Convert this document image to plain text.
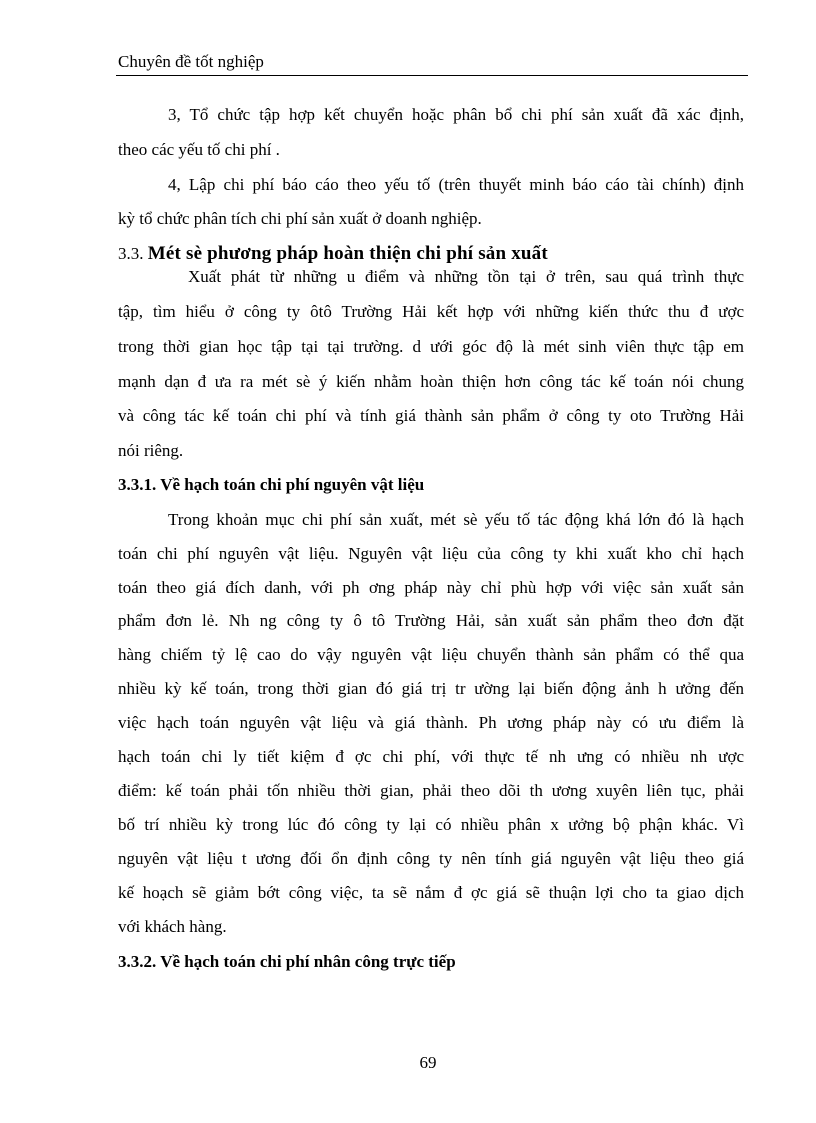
Chuyên đề tốt nghiệp
3, Tổ chức tập hợp kết chuyển hoặc phân bổ chi phí sản xuất đã xác định,
theo các yếu tố chi phí .
4, Lập chi phí báo cáo theo yếu tố (trên thuyết minh báo cáo tài chính) định
kỳ tổ chức phân tích chi phí sản xuất ở doanh nghiệp.
3.3. Mét sè phương pháp hoàn thiện chi phí sản xuất
Xuất phát từ những u điểm và những tồn tại ở trên, sau quá trình thực
tập, tìm hiểu ở công ty ôtô Trường Hải kết hợp với những kiến thức thu đ ược
trong thời gian học tập tại tại trường. d ưới góc độ là mét sinh viên thực tập em
mạnh dạn đ ưa ra mét sè ý kiến nhằm hoàn thiện hơn công tác kế toán nói chung
và công tác kế toán chi phí và tính giá thành sản phẩm ở công ty oto Trường Hải
nói riêng.
3.3.1. Về hạch toán chi phí nguyên vật liệu
Trong khoản mục chi phí sản xuất, mét sè yếu tố tác động khá lớn đó là hạch
toán chi phí nguyên vật liệu. Nguyên vật liệu của công ty khi xuất kho chỉ hạch
toán theo giá đích danh, với ph ơng pháp này chỉ phù hợp với việc sản xuất sản
phẩm đơn lẻ. Nh ng công ty ô tô Trường Hải, sản xuất sản phẩm theo đơn đặt
hàng chiếm tỷ lệ cao do vậy nguyên vật liệu chuyển thành sản phẩm có thể qua
nhiều kỳ kế toán, trong thời gian đó giá trị tr ường lại biến động ảnh h ưởng đến
việc hạch toán nguyên vật liệu và giá thành. Ph ương pháp này có ưu điểm là
hạch toán chi ly tiết kiệm đ ợc chi phí, với thực tế nh ưng có nhiều nh ược
điểm: kế toán phải tốn nhiều thời gian, phải theo dõi th ương xuyên liên tục, phải
bố trí nhiều kỳ trong lúc đó công ty lại có nhiều phân x ưởng bộ phận khác. Vì
nguyên vật liệu t ương đối ổn định công ty nên tính giá nguyên vật liệu theo giá
kế hoạch sẽ giảm bớt công việc, ta sẽ nắm đ ợc giá sẽ thuận lợi cho ta giao dịch
với khách hàng.
3.3.2. Về hạch toán chi phí nhân công trực tiếp
69
